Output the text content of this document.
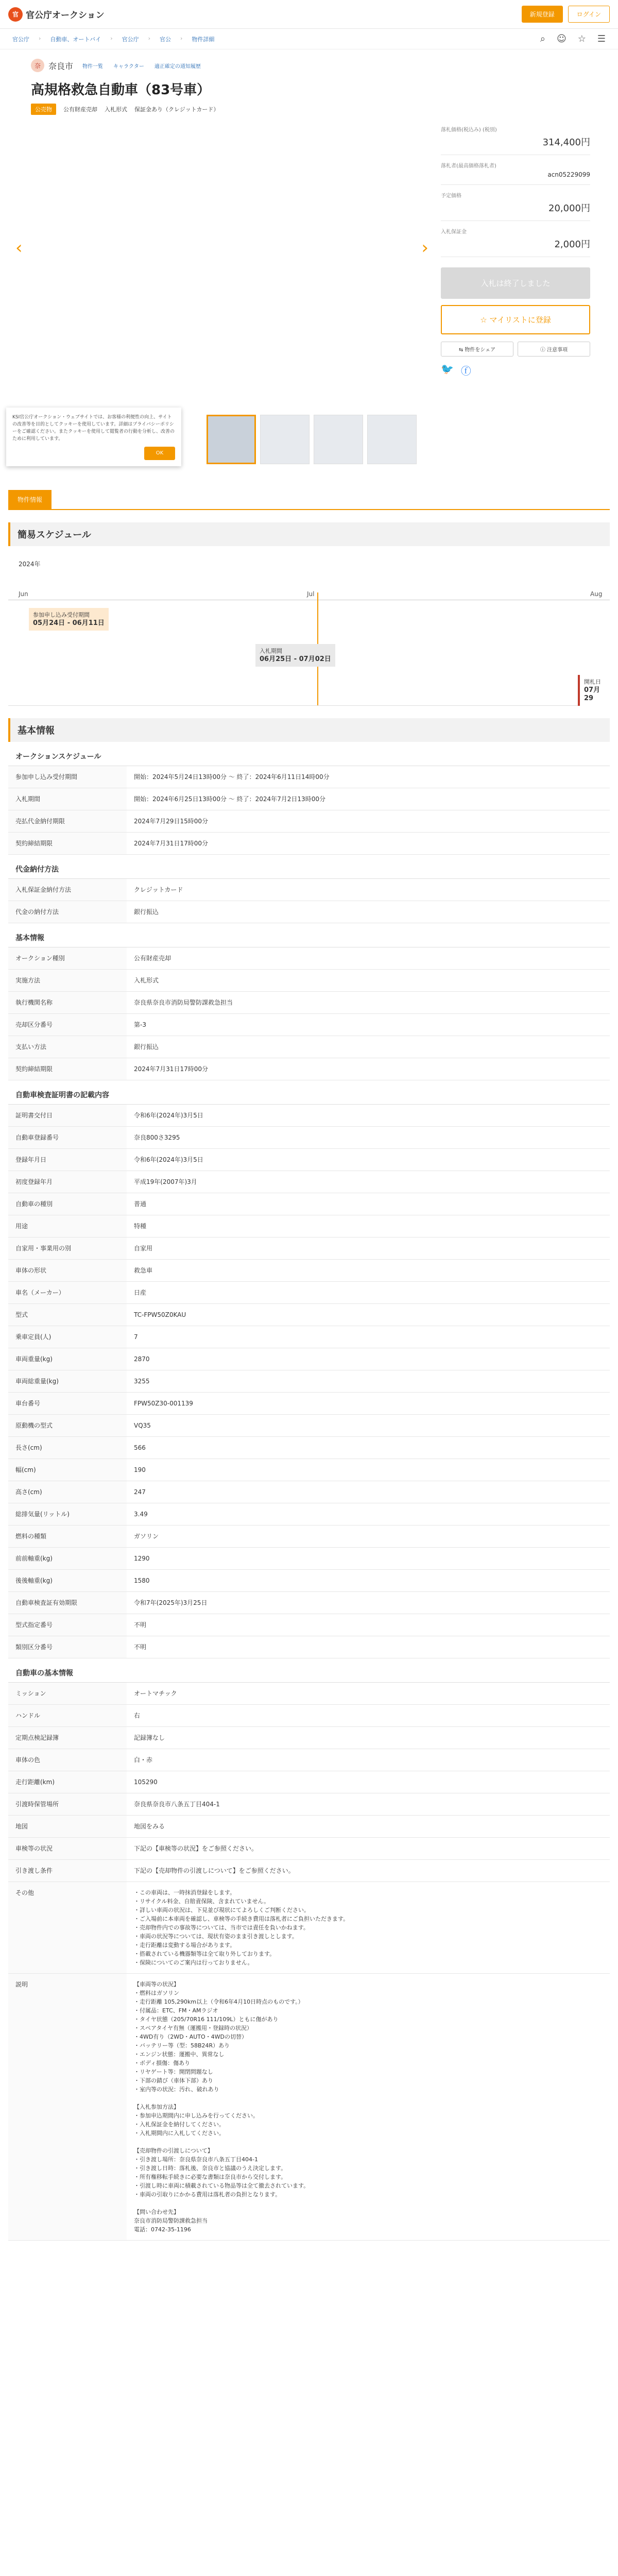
官 官公庁オークション	新規登録	ログイン
官公庁 › 自動車、オートバイ › 官公庁 › 官公 › 物件詳細	⌕ ☺ ☆ ☰
奈 奈良市 物件一覧　　キャラクター　　適正確定の通知履歴
高規格救急自動車（83号車）
公売物	公有財産売却 入札形式 保証金あり（クレジットカード）
‹	›
KSI官公庁オークション・ウェブサイトでは、お客様の利便性の向上、サイトの改善等を目的としてクッキーを使用しています。詳細はプライバシーポリシーをご確認ください。またクッキーを使用して閲覧者の行動を分析し、改善のために利用しています。
OK
落札価格(税込み) (税別)
314,400円
落札者(最高価格落札者)
acn05229099
予定価格
20,000円
入札保証金
2,000円
入札は終了しました
☆ マイリストに登録
⇆ 物件をシェア	ⓘ 注意事項
🐦 ⓕ
物件情報
簡易スケジュール
2024年
Jun	Jul	Aug
参加申し込み受付期間
05月24日 - 06月11日
入札期間
06月25日 - 07月02日
開札日
07月29
基本情報
オークションスケジュール
参加申し込み受付期間	開始：2024年5月24日13時00分 ～ 終了：2024年6月11日14時00分
入札期間	開始：2024年6月25日13時00分 ～ 終了：2024年7月2日13時00分
売払代金納付期限	2024年7月29日15時00分
契約締結期限	2024年7月31日17時00分
代金納付方法
入札保証金納付方法	クレジットカード
代金の納付方法	銀行振込
基本情報
オークション種別	公有財産売却
実施方法	入札形式
執行機関名称	奈良県奈良市消防局警防課救急担当
売却区分番号	第-3
支払い方法	銀行振込
契約締結期限	2024年7月31日17時00分
自動車検査証明書の記載内容
証明書交付日	令和6年(2024年)3月5日
自動車登録番号	奈良800さ3295
登録年月日	令和6年(2024年)3月5日
初度登録年月	平成19年(2007年)3月
自動車の種別	普通
用途	特種
自家用・事業用の別	自家用
車体の形状	救急車
車名（メーカー）	日産
型式	TC-FPW50Z0KAU
乗車定員(人)	7
車両重量(kg)	2870
車両総重量(kg)	3255
車台番号	FPW50Z30-001139
原動機の型式	VQ35
長さ(cm)	566
幅(cm)	190
高さ(cm)	247
総排気量(リットル)	3.49
燃料の種類	ガソリン
前前軸重(kg)	1290
後後軸重(kg)	1580
自動車検査証有効期限	令和7年(2025年)3月25日
型式指定番号	不明
類別区分番号	不明
自動車の基本情報
ミッション	オートマチック
ハンドル	右
定期点検記録簿	記録簿なし
車体の色	白・赤
走行距離(km)	105290
引渡時保管場所	奈良県奈良市八条五丁目404-1
地図	地図をみる
車検等の状況	下記の【車検等の状況】をご参照ください。
引き渡し条件	下記の【売却物件の引渡しについて】をご参照ください。
その他	・この車両は、一時抹消登録をします。
・リサイクル料金、自賠責保険、含まれていません。
・詳しい車両の状況は、下見並び現状にてよろしくご判断ください。
・ご入場前に本車両を確認し、車検等の手続き費用は落札者にご負担いただきます。
・売却物件内での事故等については、当市では責任を負いかねます。
・車両の状況等については、現状有姿のまま引き渡しとします。
・走行距離は変動する場合があります。
・搭載されている機器類等は全て取り外しております。
・保険についてのご案内は行っておりません。
説明	【車両等の状況】
・燃料はガソリン
・走行距離 105,290km以上（令和6年4月10日時点のものです。）
・付属品：ETC、FM・AMラジオ
・タイヤ状態（205/70R16 111/109L）ともに傷があり
・スペアタイヤ有無（運搬用・登録時の状況）
・4WD有り（2WD・AUTO・4WDの切替）
・バッテリー等（型：58B24R）あり
・エンジン状態：運搬中、異常なし
・ボディ損傷：傷あり
・リヤゲート等：開閉問題なし
・下部の錆び（車体下部）あり
・室内等の状況：汚れ、破れあり

【入札参加方法】
・参加申込期間内に申し込みを行ってください。
・入札保証金を納付してください。
・入札期間内に入札してください。

【売却物件の引渡しについて】
・引き渡し場所：奈良県奈良市八条五丁目404-1
・引き渡し日時：落札後、奈良市と協議のうえ決定します。
・所有権移転手続きに必要な書類は奈良市から交付します。
・引渡し時に車両に積載されている物品等は全て撤去されています。
・車両の引取りにかかる費用は落札者の負担となります。

【問い合わせ先】
奈良市消防局警防課救急担当
電話：0742-35-1196
